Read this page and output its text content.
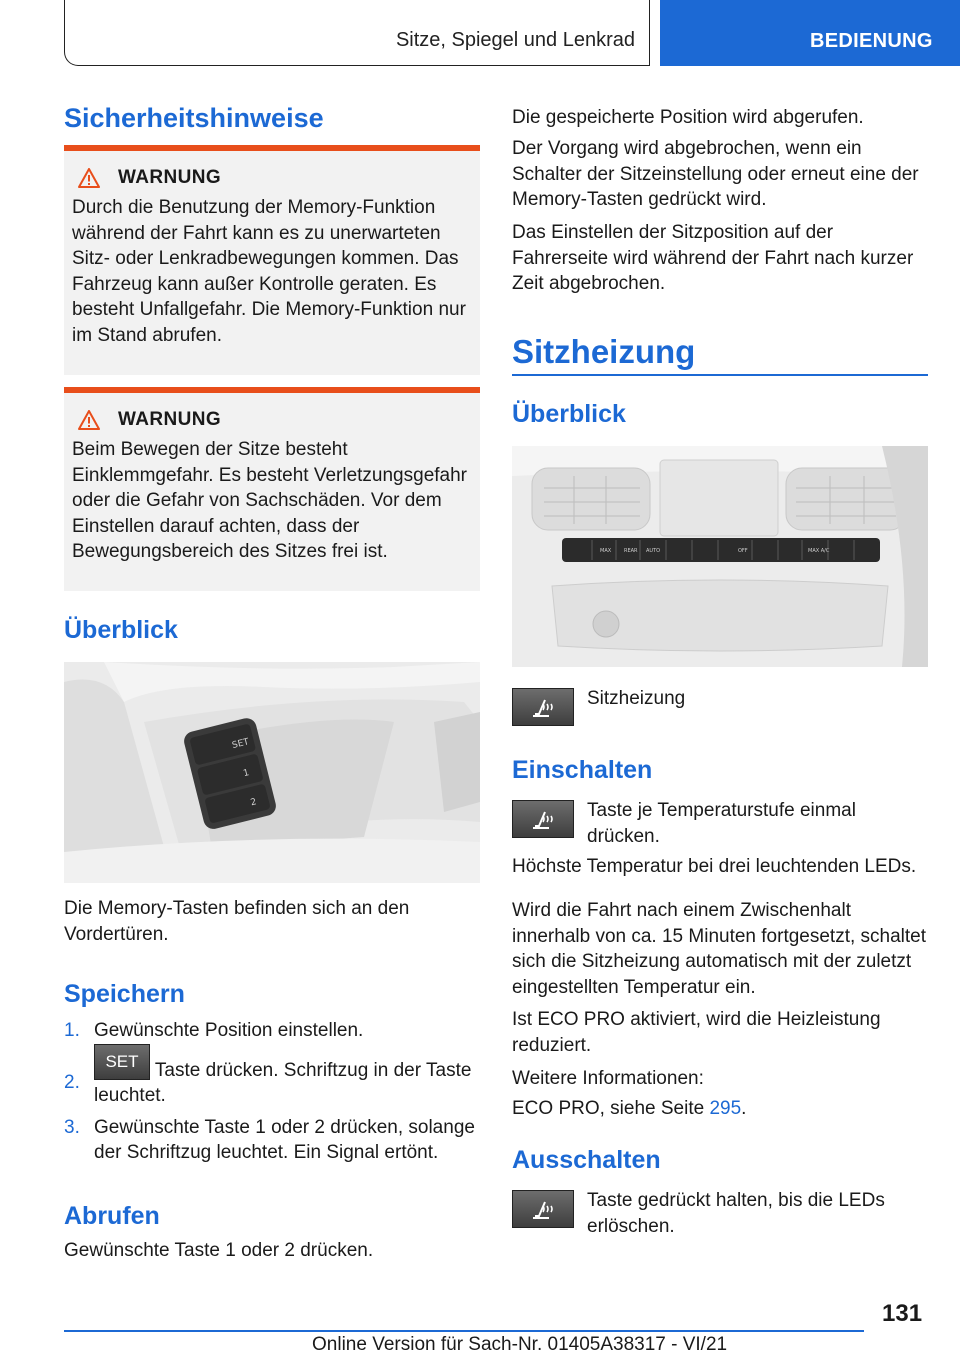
Sitze, Spiegel und Lenkrad	BEDIENUNG
Sicherheitshinweise
WARNUNG

Durch die Benutzung der Memory-Funktion während der Fahrt kann es zu unerwarteten Sitz- oder Lenkradbewegungen kommen. Das Fahrzeug kann außer Kontrolle geraten. Es besteht Unfallgefahr. Die Memory-Funktion nur im Stand abrufen.

WARNUNG

Beim Bewegen der Sitze besteht Einklemmgefahr. Es besteht Verletzungsgefahr oder die Gefahr von Sachschäden. Vor dem Einstellen darauf achten, dass der Bewegungsbereich des Sitzes frei ist.

Überblick
SET
1
2

Die Memory-Tasten befinden sich an den Vordertüren.

Speichern
1. Gewünschte Position einstellen.
2.
SET Taste drücken. Schriftzug in der Taste leuchtet.
3. Gewünschte Taste 1 oder 2 drücken, solange der Schriftzug leuchtet. Ein Signal ertönt.
Abrufen

Gewünschte Taste 1 oder 2 drücken.

Die gespeicherte Position wird abgerufen.

Der Vorgang wird abgebrochen, wenn ein Schalter der Sitzeinstellung oder erneut eine der Memory-Tasten gedrückt wird.

Das Einstellen der Sitzposition auf der Fahrerseite wird während der Fahrt nach kurzer Zeit abgebrochen.

Sitzheizung
Überblick
MAX	REAR AUTO	OFF	MAX A/C
Sitzheizung
Einschalten
Taste je Temperaturstufe einmal drücken.

Höchste Temperatur bei drei leuchtenden LEDs.

Wird die Fahrt nach einem Zwischenhalt innerhalb von ca. 15 Minuten fortgesetzt, schaltet sich die Sitzheizung automatisch mit der zuletzt eingestellten Temperatur ein.

Ist ECO PRO aktiviert, wird die Heizleistung reduziert.

Weitere Informationen:

ECO PRO, siehe Seite 295.

Ausschalten
Taste gedrückt halten, bis die LEDs erlöschen.
131
Online Version für Sach-Nr. 01405A38317 - VI/21
